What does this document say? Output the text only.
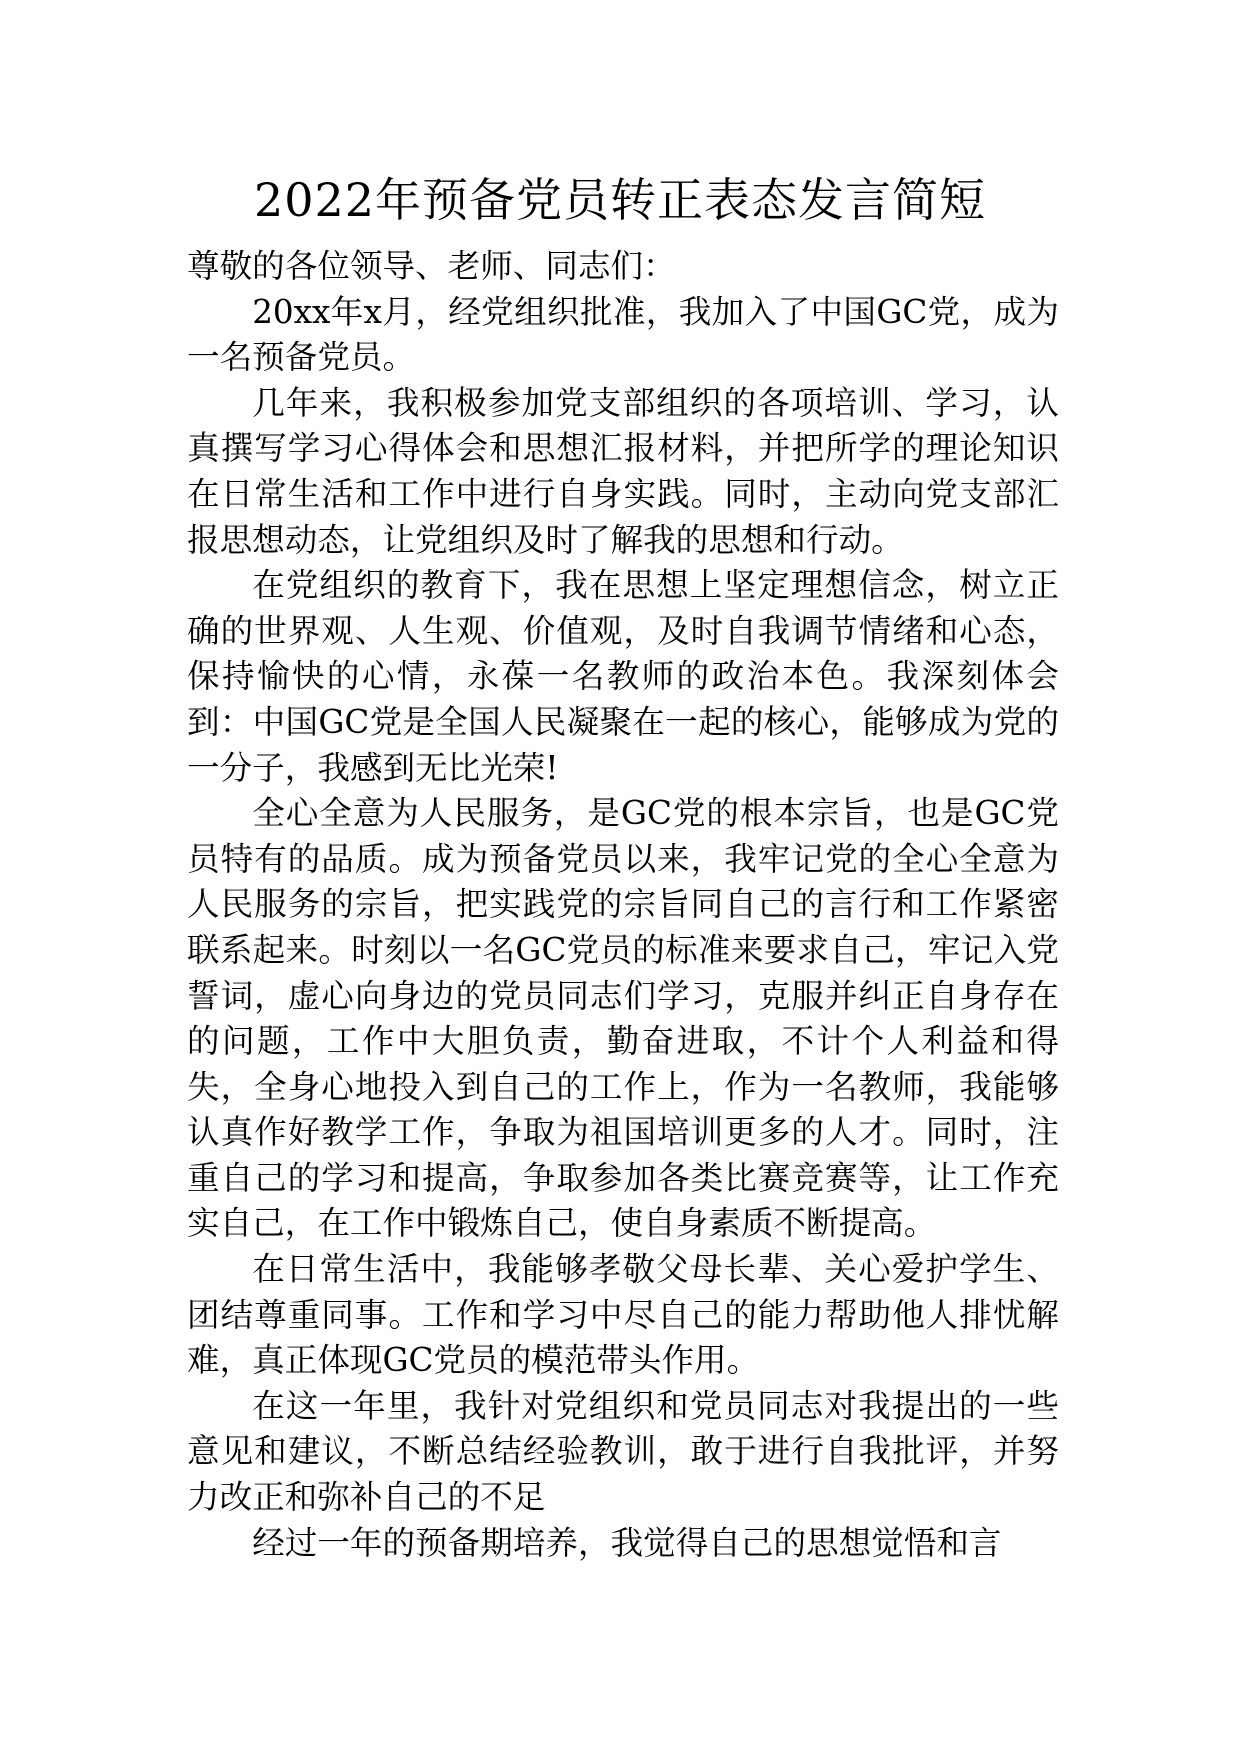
2022年预备党员转正表态发言简短

尊敬的各位领导、老师、同志们：

20xx年x月，经党组织批准，我加入了中国GC党，成为一名预备党员。

几年来，我积极参加党支部组织的各项培训、学习，认真撰写学习心得体会和思想汇报材料，并把所学的理论知识在日常生活和工作中进行自身实践。同时，主动向党支部汇报思想动态，让党组织及时了解我的思想和行动。

在党组织的教育下，我在思想上坚定理想信念，树立正确的世界观、人生观、价值观，及时自我调节情绪和心态，保持愉快的心情，永葆一名教师的政治本色。我深刻体会到：中国GC党是全国人民凝聚在一起的核心，能够成为党的一分子，我感到无比光荣!

全心全意为人民服务，是GC党的根本宗旨，也是GC党员特有的品质。成为预备党员以来，我牢记党的全心全意为人民服务的宗旨，把实践党的宗旨同自己的言行和工作紧密联系起来。时刻以一名GC党员的标准来要求自己，牢记入党誓词，虚心向身边的党员同志们学习，克服并纠正自身存在的问题，工作中大胆负责，勤奋进取，不计个人利益和得失，全身心地投入到自己的工作上，作为一名教师，我能够认真作好教学工作，争取为祖国培训更多的人才。同时，注重自己的学习和提高，争取参加各类比赛竞赛等，让工作充实自己，在工作中锻炼自己，使自身素质不断提高。

在日常生活中，我能够孝敬父母长辈、关心爱护学生、团结尊重同事。工作和学习中尽自己的能力帮助他人排忧解难，真正体现GC党员的模范带头作用。

在这一年里，我针对党组织和党员同志对我提出的一些意见和建议，不断总结经验教训，敢于进行自我批评，并努力改正和弥补自己的不足

经过一年的预备期培养，我觉得自己的思想觉悟和言
